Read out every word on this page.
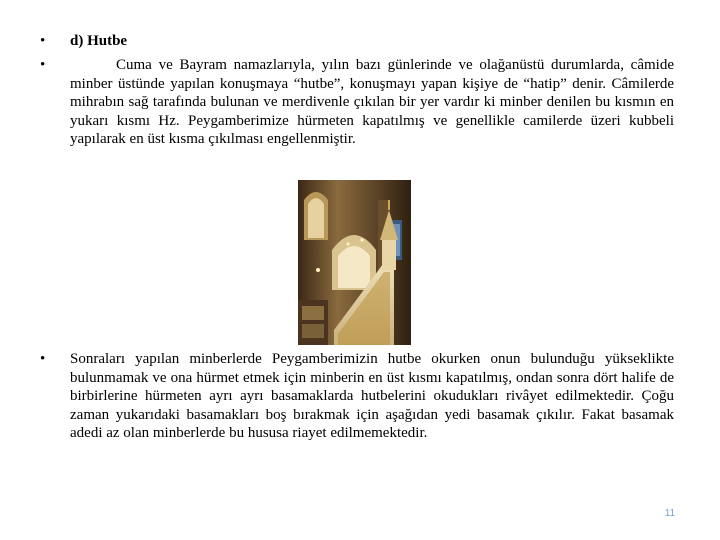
•	d) Hutbe
•	Cuma ve Bayram namazlarıyla, yılın bazı günlerinde ve olağanüstü durumlarda, câmide minber üstünde yapılan konuşmaya “hutbe”, konuşmayı yapan kişiye de “hatip” denir. Câmilerde mihrabın sağ tarafında bulunan ve merdivenle çıkılan bir yer vardır ki minber denilen bu kısmın en yukarı kısmı Hz. Peygamberimize hürmeten kapatılmış ve genellikle camilerde üzeri kubbeli yapılarak en üst kısma çıkılması engellenmiştir.
•	Sonraları yapılan minberlerde Peygamberimizin hutbe okurken onun bulunduğu yükseklikte bulunmamak ve ona hürmet etmek için minberin en üst kısmı kapatılmış, ondan sonra dört halife de birbirlerine hürmeten ayrı ayrı basamaklarda hutbelerini okudukları rivâyet edilmektedir. Çoğu zaman yukarıdaki basamakları boş bırakmak için aşağıdan yedi basamak çıkılır. Fakat basamak adedi az olan minberlerde bu hususa riayet edilmemektedir.
11
